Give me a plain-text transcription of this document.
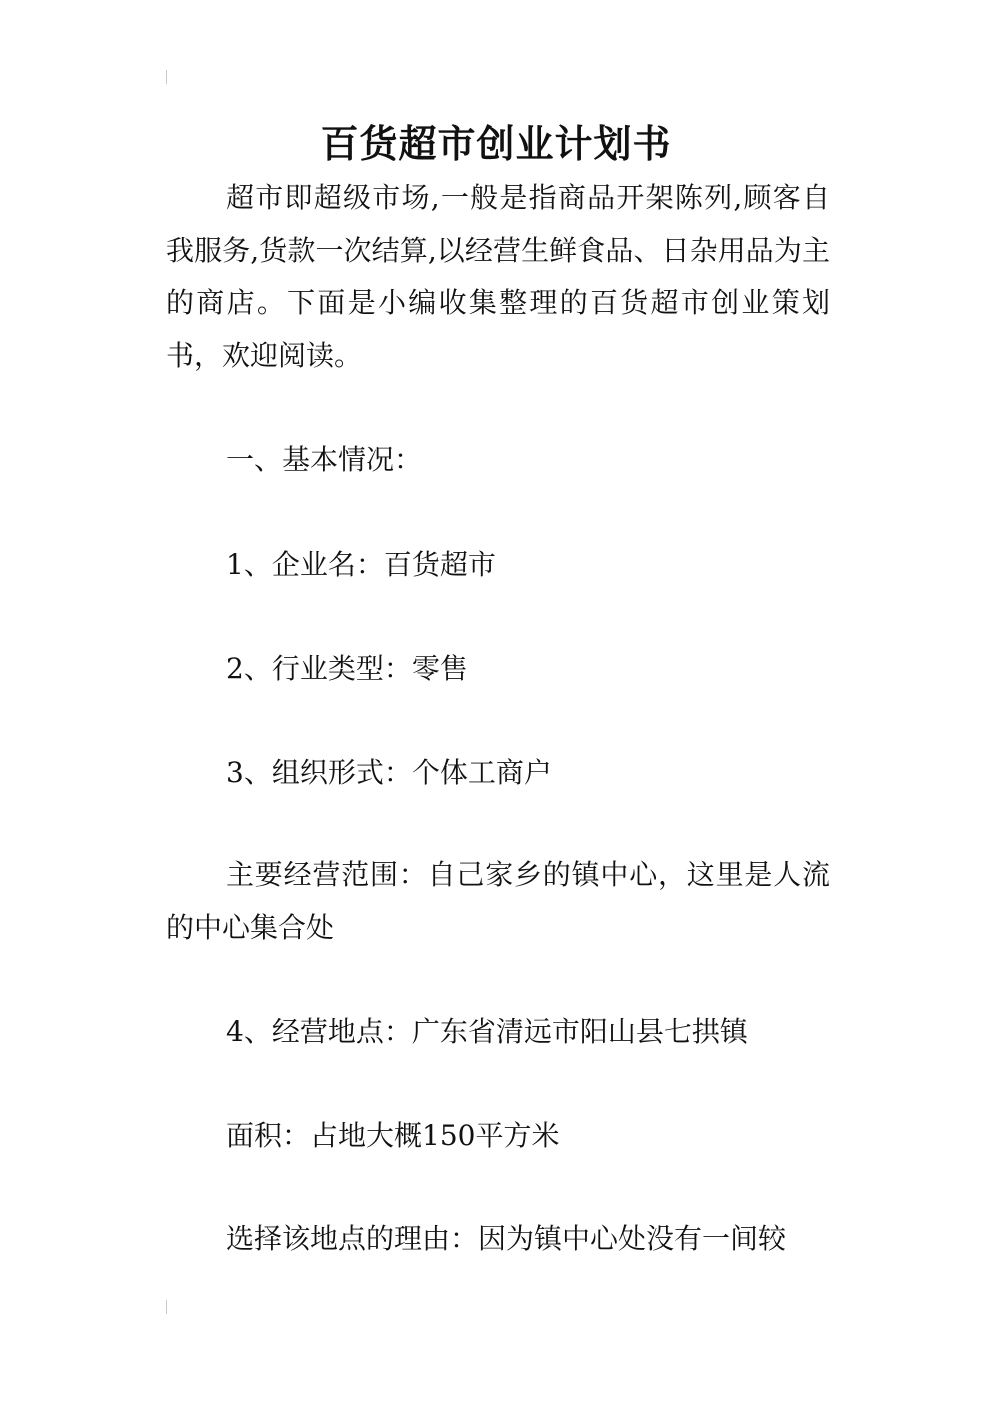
百货超市创业计划书

超市即超级市场,一般是指商品开架陈列,顾客自我服务,货款一次结算,以经营生鲜食品、日杂用品为主的商店。下面是小编收集整理的百货超市创业策划书，欢迎阅读。

一、基本情况：

1、企业名：百货超市

2、行业类型：零售

3、组织形式：个体工商户

主要经营范围：自己家乡的镇中心，这里是人流的中心集合处

4、经营地点：广东省清远市阳山县七拱镇

面积：占地大概150平方米

选择该地点的理由：因为镇中心处没有一间较
